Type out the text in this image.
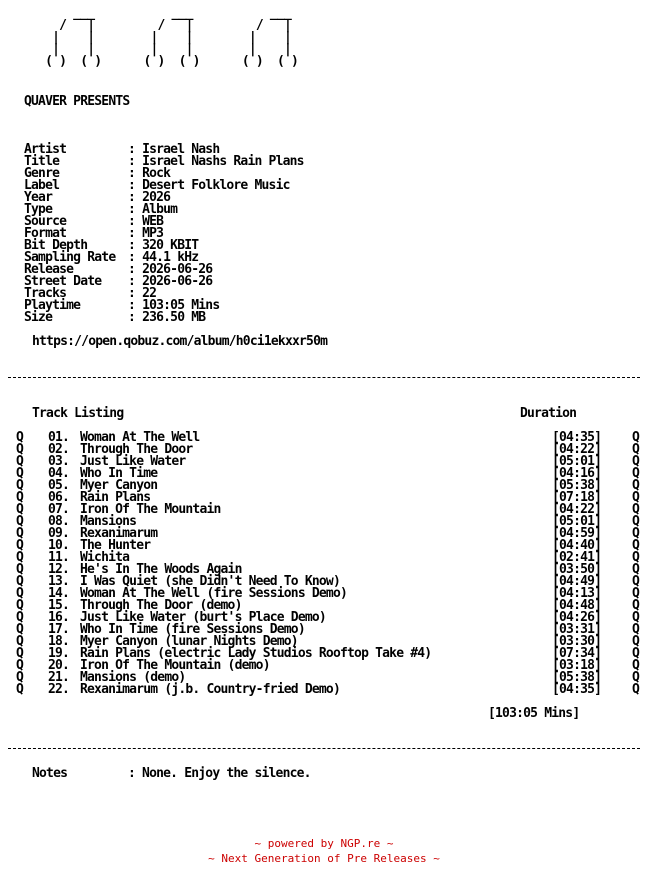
___           ___           ___
/   |         /   |         /   |
|    |        |    |        |    |
|    |        |    |        |    |
( )  ( )      ( )  ( )      ( )  ( )
QUAVER PRESENTS
Artist	: Israel Nash
Title	: Israel Nashs Rain Plans
Genre	: Rock
Label	: Desert Folklore Music
Year	: 2026
Type	: Album
Source	: WEB
Format	: MP3
Bit Depth	: 320 KBIT
Sampling Rate : 44.1 kHz
Release	: 2026-06-26
Street Date : 2026-06-26
Tracks	: 22
Playtime	: 103:05 Mins
Size	: 236.50 MB
https://open.qobuz.com/album/h0ci1ekxxr50m
Track Listing	Duration
Q 01. Woman At The Well	[04:35] Q
Q 02. Through The Door	[04:22] Q
Q 03. Just Like Water	[05:01] Q
Q 04. Who In Time	[04:16] Q
Q 05. Myer Canyon	[05:38] Q
Q 06. Rain Plans	[07:18] Q
Q 07. Iron Of The Mountain	[04:22] Q
Q 08. Mansions	[05:01] Q
Q 09. Rexanimarum	[04:59] Q
Q 10. The Hunter	[04:40] Q
Q 11. Wichita	[02:41] Q
Q 12. He's In The Woods Again	[03:50] Q
Q 13. I Was Quiet (she Didn't Need To Know)	[04:49] Q
Q 14. Woman At The Well (fire Sessions Demo)	[04:13] Q
Q 15. Through The Door (demo)	[04:48] Q
Q 16. Just Like Water (burt's Place Demo)	[04:26] Q
Q 17. Who In Time (fire Sessions Demo)	[03:31] Q
Q 18. Myer Canyon (lunar Nights Demo)	[03:30] Q
Q 19. Rain Plans (electric Lady Studios Rooftop Take #4)	[07:34] Q
Q 20. Iron Of The Mountain (demo)	[03:18] Q
Q 21. Mansions (demo)	[05:38] Q
Q 22. Rexanimarum (j.b. Country-fried Demo)	[04:35] Q
[103:05 Mins]
Notes	: None. Enjoy the silence.
~ powered by NGP.re ~
~ Next Generation of Pre Releases ~
